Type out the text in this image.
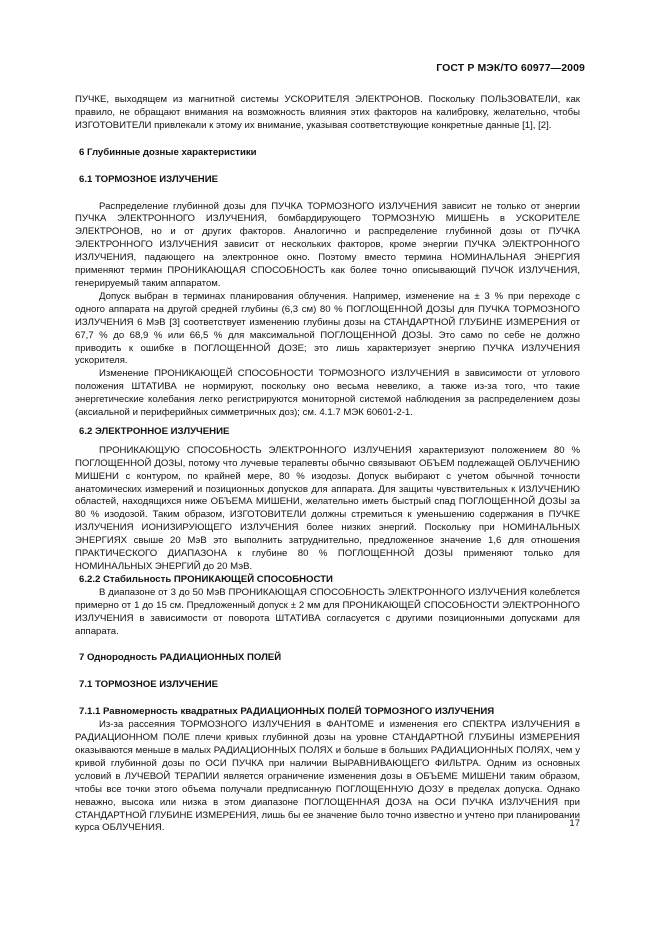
ГОСТ Р МЭК/ТО 60977—2009

ПУЧКЕ, выходящем из магнитной системы УСКОРИТЕЛЯ ЭЛЕКТРОНОВ. Поскольку ПОЛЬЗОВАТЕЛИ, как правило, не обращают внимания на возможность влияния этих факторов на калибровку, желательно, чтобы ИЗГОТОВИТЕЛИ привлекали к этому их внимание, указывая соответствующие конкретные данные [1], [2].

6 Глубинные дозные характеристики
6.1 ТОРМОЗНОЕ ИЗЛУЧЕНИЕ

Распределение глубинной дозы для ПУЧКА ТОРМОЗНОГО ИЗЛУЧЕНИЯ зависит не только от энергии ПУЧКА ЭЛЕКТРОННОГО ИЗЛУЧЕНИЯ, бомбардирующего ТОРМОЗНУЮ МИШЕНЬ в УСКОРИТЕЛЕ ЭЛЕКТРОНОВ, но и от других факторов. Аналогично и распределение глубинной дозы от ПУЧКА ЭЛЕКТРОННОГО ИЗЛУЧЕНИЯ зависит от нескольких факторов, кроме энергии ПУЧКА ЭЛЕКТРОННОГО ИЗЛУЧЕНИЯ, падающего на электронное окно. Поэтому вместо термина НОМИНАЛЬНАЯ ЭНЕРГИЯ применяют термин ПРОНИКАЮЩАЯ СПОСОБНОСТЬ как более точно описывающий ПУЧОК ИЗЛУЧЕНИЯ, генерируемый таким аппаратом.

Допуск выбран в терминах планирования облучения. Например, изменение на ± 3 % при переходе с одного аппарата на другой средней глубины (6,3 см) 80 % ПОГЛОЩЕННОЙ ДОЗЫ для ПУЧКА ТОРМОЗНОГО ИЗЛУЧЕНИЯ 6 МэВ [3] соответствует изменению глубины дозы на СТАНДАРТНОЙ ГЛУБИНЕ ИЗМЕРЕНИЯ от 67,7 % до 68,9 % или 66,5 % для максимальной ПОГЛОЩЕННОЙ ДОЗЫ. Это само по себе не должно приводить к ошибке в ПОГЛОЩЕННОЙ ДОЗЕ; это лишь характеризует энергию ПУЧКА ИЗЛУЧЕНИЯ ускорителя.

Изменение ПРОНИКАЮЩЕЙ СПОСОБНОСТИ ТОРМОЗНОГО ИЗЛУЧЕНИЯ в зависимости от углового положения ШТАТИВА не нормируют, поскольку оно весьма невелико, а также из-за того, что такие энергетические колебания легко регистрируются мониторной системой наблюдения за распределением дозы (аксиальной и периферийных симметричных доз); см. 4.1.7 МЭК 60601-2-1.

6.2 ЭЛЕКТРОННОЕ ИЗЛУЧЕНИЕ

ПРОНИКАЮЩУЮ СПОСОБНОСТЬ ЭЛЕКТРОННОГО ИЗЛУЧЕНИЯ характеризуют положением 80 % ПОГЛОЩЕННОЙ ДОЗЫ, потому что лучевые терапевты обычно связывают ОБЪЕМ подлежащей ОБЛУЧЕНИЮ МИШЕНИ с контуром, по крайней мере, 80 % изодозы. Допуск выбирают с учетом обычной точности анатомических измерений и позиционных допусков для аппарата. Для защиты чувствительных к ИЗЛУЧЕНИЮ областей, находящихся ниже ОБЪЕМА МИШЕНИ, желательно иметь быстрый спад ПОГЛОЩЕННОЙ ДОЗЫ за 80 % изодозой. Таким образом, ИЗГОТОВИТЕЛИ должны стремиться к уменьшению содержания в ПУЧКЕ ИЗЛУЧЕНИЯ ИОНИЗИРУЮЩЕГО ИЗЛУЧЕНИЯ более низких энергий. Поскольку при НОМИНАЛЬНЫХ ЭНЕРГИЯХ свыше 20 МэВ это выполнить затруднительно, предложенное значение 1,6 для отношения ПРАКТИЧЕСКОГО ДИАПАЗОНА к глубине 80 % ПОГЛОЩЕННОЙ ДОЗЫ применяют только для НОМИНАЛЬНЫХ ЭНЕРГИЙ до 20 МэВ.

6.2.2 Стабильность ПРОНИКАЮЩЕЙ СПОСОБНОСТИ

В диапазоне от 3 до 50 МэВ ПРОНИКАЮЩАЯ СПОСОБНОСТЬ ЭЛЕКТРОННОГО ИЗЛУЧЕНИЯ колеблется примерно от 1 до 15 см. Предложенный допуск ± 2 мм для ПРОНИКАЮЩЕЙ СПОСОБНОСТИ ЭЛЕКТРОННОГО ИЗЛУЧЕНИЯ в зависимости от поворота ШТАТИВА согласуется с другими позиционными допусками для аппарата.

7 Однородность РАДИАЦИОННЫХ ПОЛЕЙ
7.1 ТОРМОЗНОЕ ИЗЛУЧЕНИЕ
7.1.1 Равномерность квадратных РАДИАЦИОННЫХ ПОЛЕЙ ТОРМОЗНОГО ИЗЛУЧЕНИЯ

Из-за рассеяния ТОРМОЗНОГО ИЗЛУЧЕНИЯ в ФАНТОМЕ и изменения его СПЕКТРА ИЗЛУЧЕНИЯ в РАДИАЦИОННОМ ПОЛЕ плечи кривых глубинной дозы на уровне СТАНДАРТНОЙ ГЛУБИНЫ ИЗМЕРЕНИЯ оказываются меньше в малых РАДИАЦИОННЫХ ПОЛЯХ и больше в больших РАДИАЦИОННЫХ ПОЛЯХ, чем у кривой глубинной дозы по ОСИ ПУЧКА при наличии ВЫРАВНИВАЮЩЕГО ФИЛЬТРА. Одним из основных условий в ЛУЧЕВОЙ ТЕРАПИИ является ограничение изменения дозы в ОБЪЕМЕ МИШЕНИ таким образом, чтобы все точки этого объема получали предписанную ПОГЛОЩЕННУЮ ДОЗУ в пределах допуска. Однако неважно, высока или низка в этом диапазоне ПОГЛОЩЕННАЯ ДОЗА на ОСИ ПУЧКА ИЗЛУЧЕНИЯ при СТАНДАРТНОЙ ГЛУБИНЕ ИЗМЕРЕНИЯ, лишь бы ее значение было точно известно и учтено при планировании курса ОБЛУЧЕНИЯ.	17
